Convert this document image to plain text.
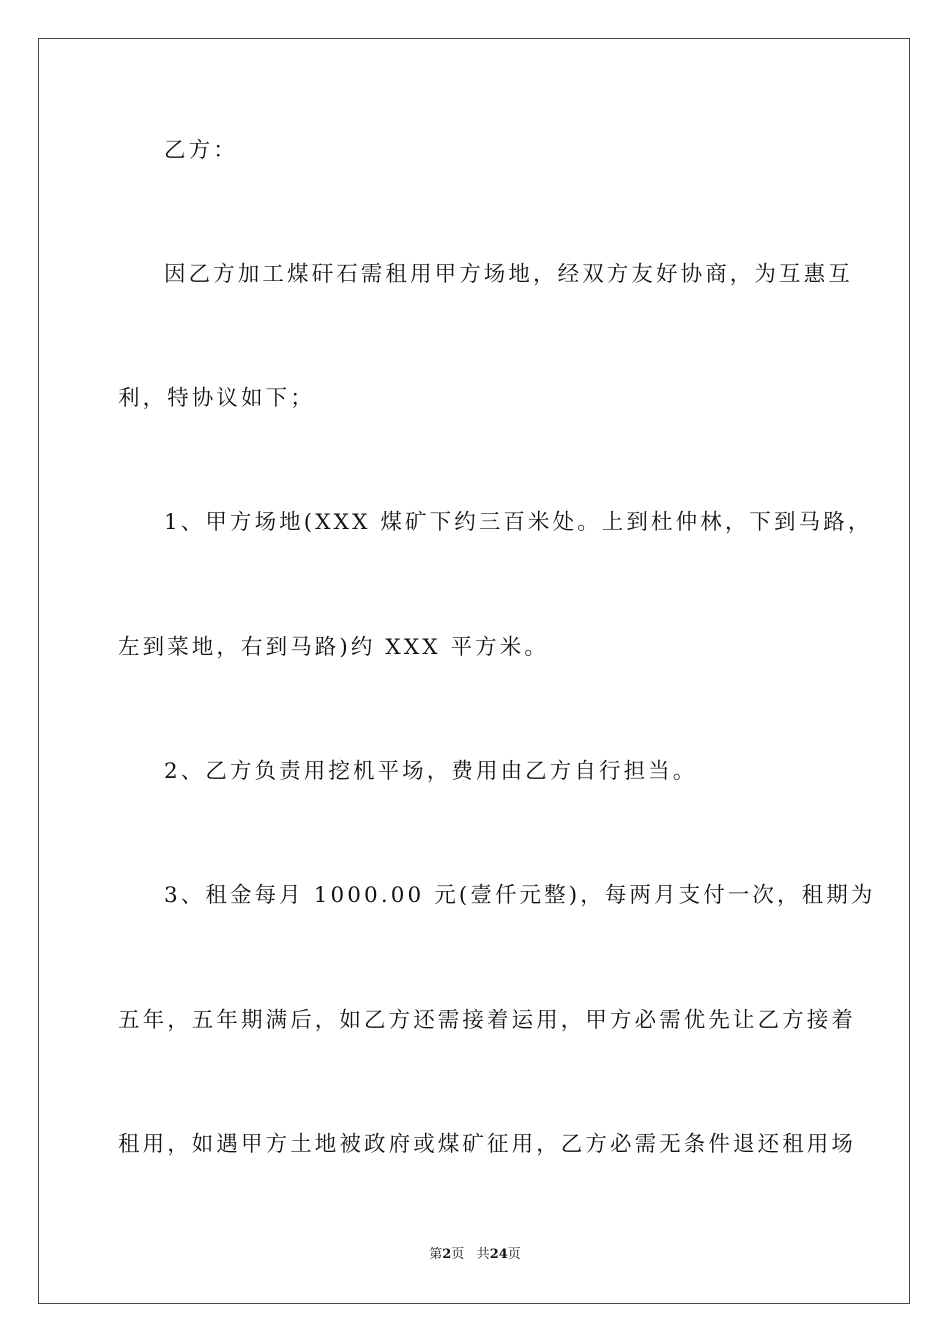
乙方：
因乙方加工煤矸石需租用甲方场地，经双方友好协商，为互惠互
利，特协议如下；
1、甲方场地(XXX 煤矿下约三百米处。上到杜仲林，下到马路，
左到菜地，右到马路)约 XXX 平方米。
2、乙方负责用挖机平场，费用由乙方自行担当。
3、租金每月 1000.00 元(壹仟元整)，每两月支付一次，租期为
五年，五年期满后，如乙方还需接着运用，甲方必需优先让乙方接着
租用，如遇甲方土地被政府或煤矿征用，乙方必需无条件退还租用场
第2页 共24页
